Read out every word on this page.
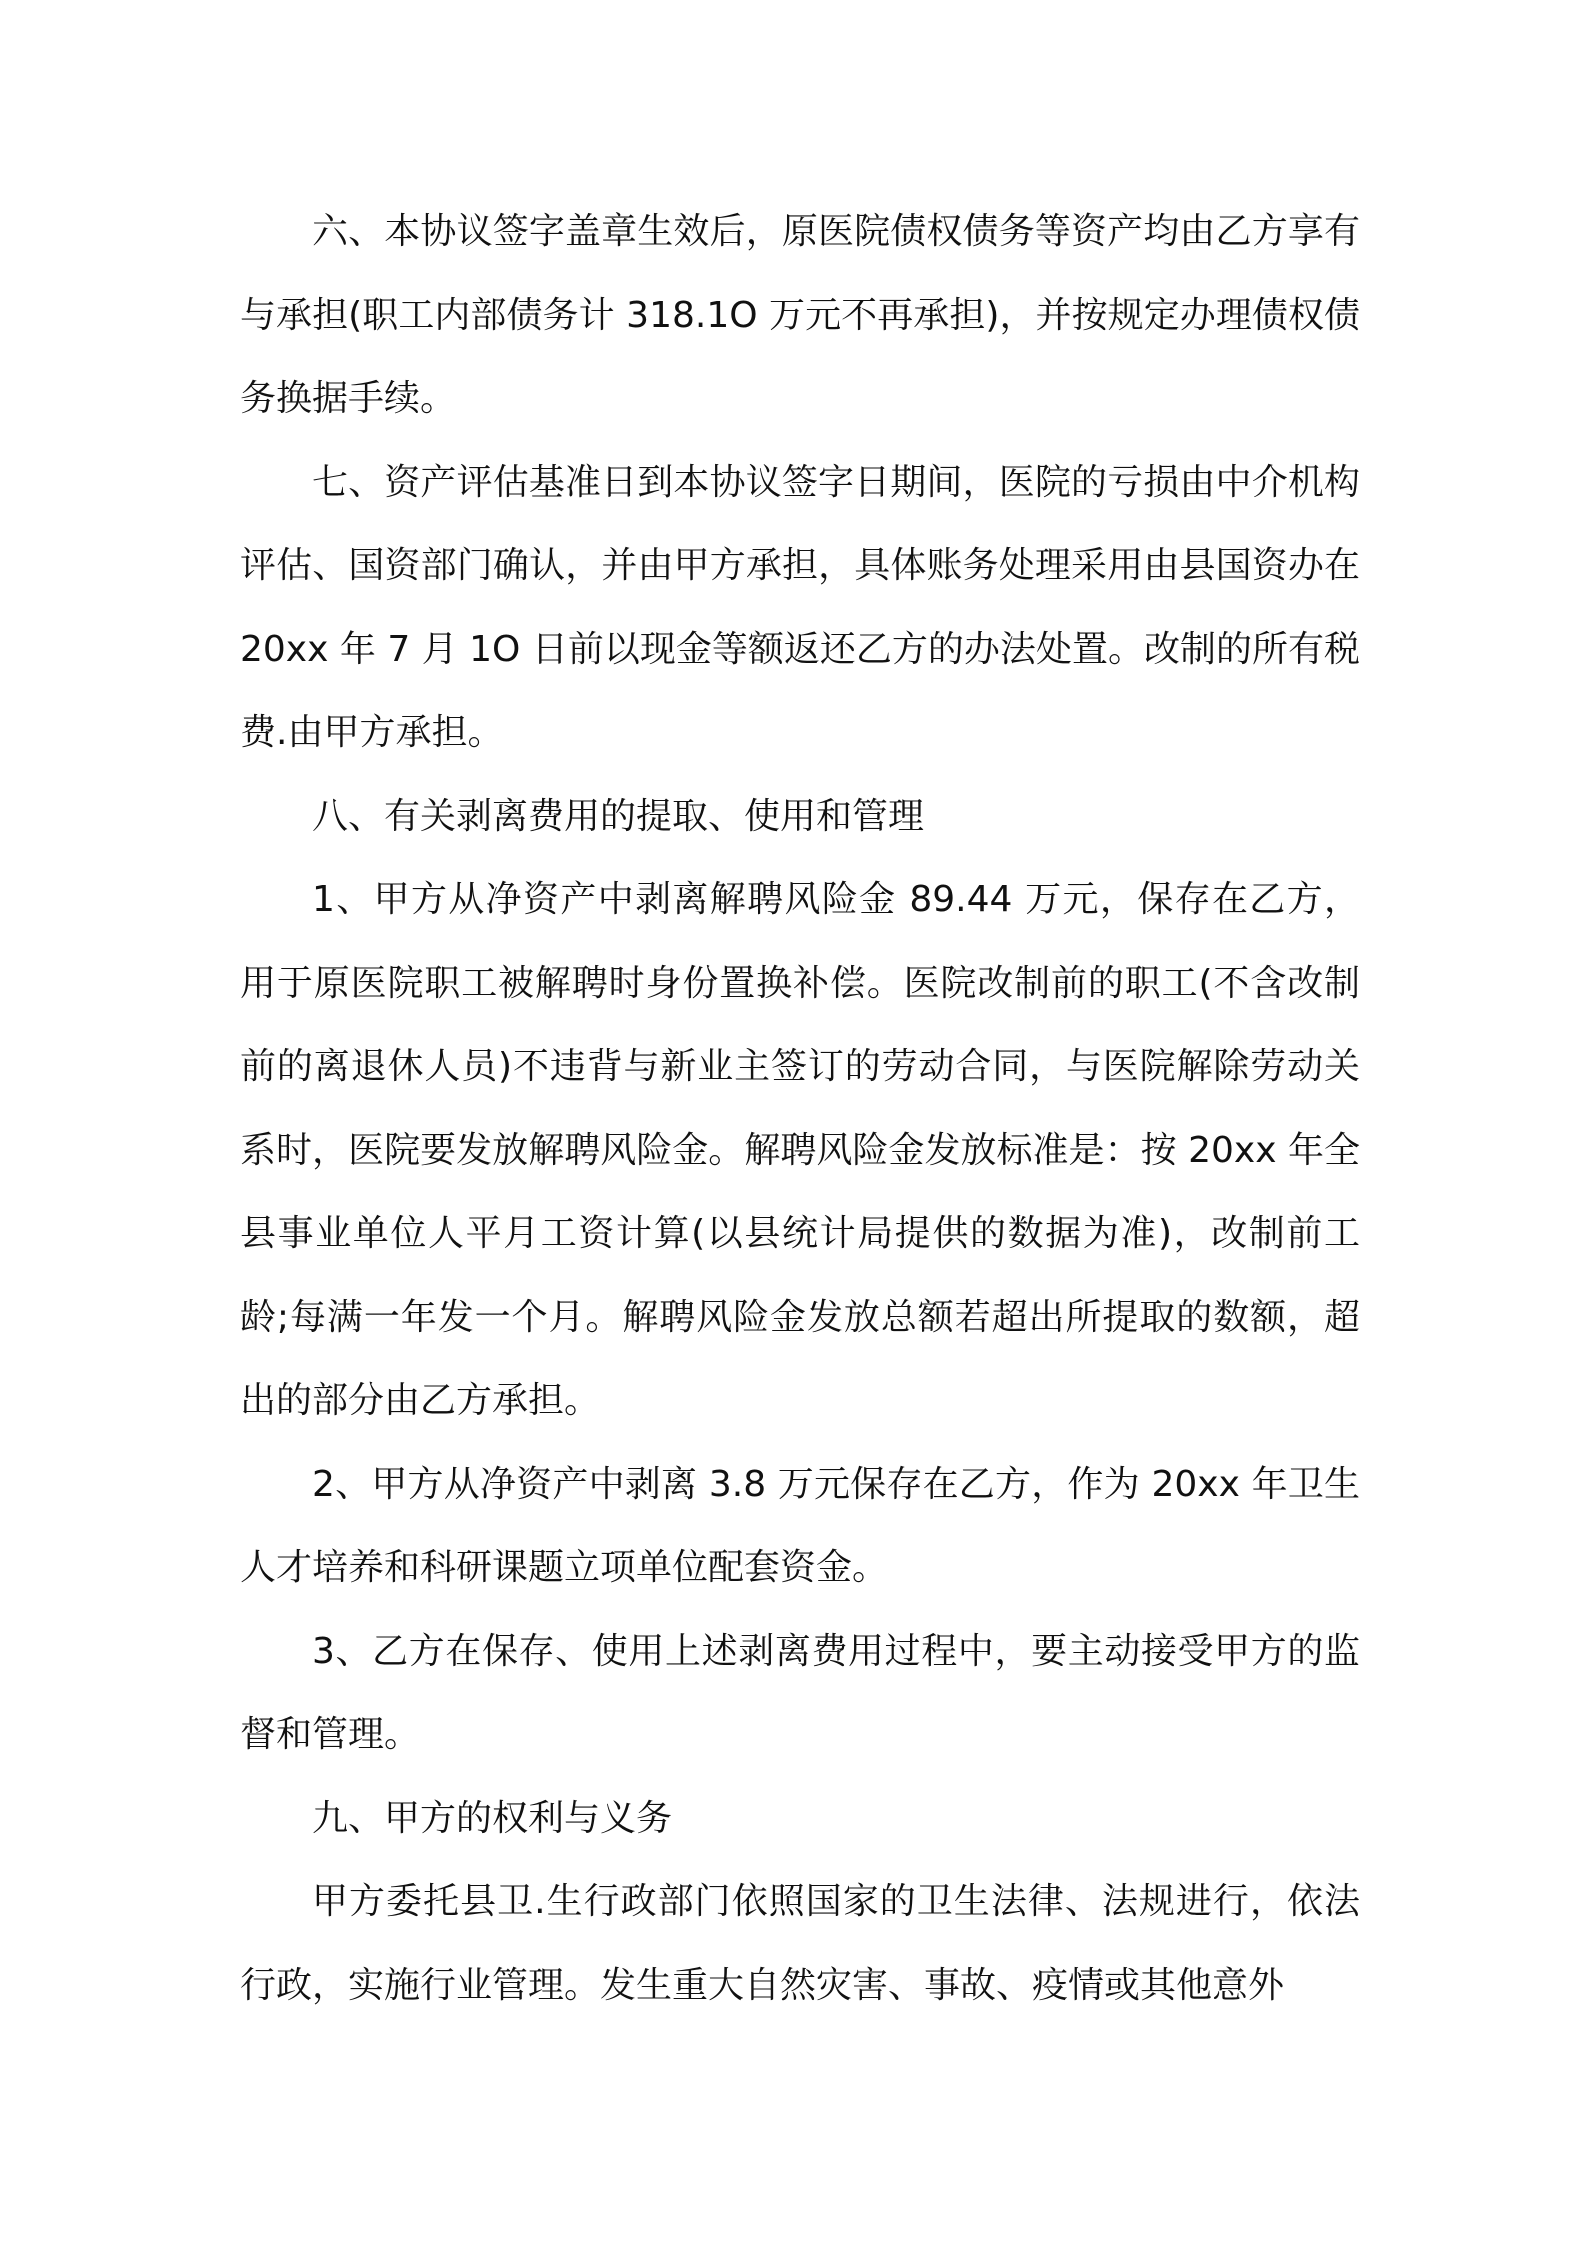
六、本协议签字盖章生效后，原医院债权债务等资产均由乙方享有与承担(职工内部债务计 318.1O 万元不再承担)，并按规定办理债权债务换据手续。

七、资产评估基准日到本协议签字日期间，医院的亏损由中介机构评估、国资部门确认，并由甲方承担，具体账务处理采用由县国资办在 20xx 年 7 月 1O 日前以现金等额返还乙方的办法处置。改制的所有税费.由甲方承担。

八、有关剥离费用的提取、使用和管理

1、甲方从净资产中剥离解聘风险金 89.44 万元，保存在乙方，用于原医院职工被解聘时身份置换补偿。医院改制前的职工(不含改制前的离退休人员)不违背与新业主签订的劳动合同，与医院解除劳动关系时，医院要发放解聘风险金。解聘风险金发放标准是：按 20xx 年全县事业单位人平月工资计算(以县统计局提供的数据为准)，改制前工龄;每满一年发一个月。解聘风险金发放总额若超出所提取的数额，超出的部分由乙方承担。

2、甲方从净资产中剥离 3.8 万元保存在乙方，作为 20xx 年卫生人才培养和科研课题立项单位配套资金。

3、乙方在保存、使用上述剥离费用过程中，要主动接受甲方的监督和管理。

九、甲方的权利与义务

甲方委托县卫.生行政部门依照国家的卫生法律、法规进行，依法行政，实施行业管理。发生重大自然灾害、事故、疫情或其他意外
